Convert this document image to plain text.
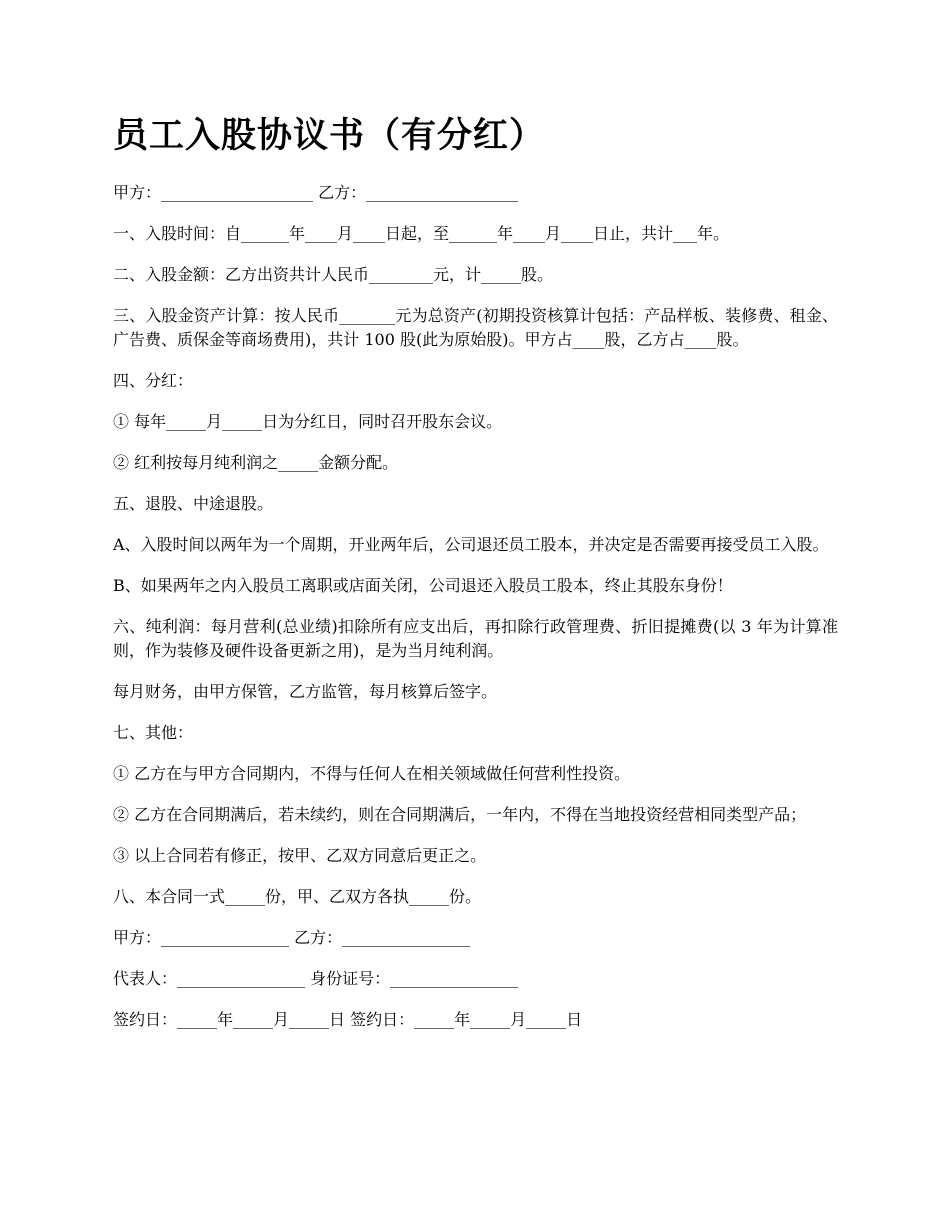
员工入股协议书（有分红）

甲方：___________________ 乙方：___________________

一、入股时间：自______年____月____日起，至______年____月____日止，共计___年。

二、入股金额：乙方出资共计人民币________元，计_____股。

三、入股金资产计算：按人民币_______元为总资产(初期投资核算计包括：产品样板、装修费、租金、广告费、质保金等商场费用)，共计 100 股(此为原始股)。甲方占____股，乙方占____股。

四、分红：

① 每年_____月_____日为分红日，同时召开股东会议。

② 红利按每月纯利润之_____金额分配。

五、退股、中途退股。

A、入股时间以两年为一个周期，开业两年后，公司退还员工股本，并决定是否需要再接受员工入股。

B、如果两年之内入股员工离职或店面关闭，公司退还入股员工股本，终止其股东身份！

六、纯利润：每月营利(总业绩)扣除所有应支出后，再扣除行政管理费、折旧提摊费(以 3 年为计算准则，作为装修及硬件设备更新之用)，是为当月纯利润。

每月财务，由甲方保管，乙方监管，每月核算后签字。

七、其他：

① 乙方在与甲方合同期内，不得与任何人在相关领域做任何营利性投资。

② 乙方在合同期满后，若未续约，则在合同期满后，一年内，不得在当地投资经营相同类型产品；

③ 以上合同若有修正，按甲、乙双方同意后更正之。

八、本合同一式_____份，甲、乙双方各执_____份。

甲方：________________ 乙方：________________

代表人：________________ 身份证号：________________

签约日：_____年_____月_____日 签约日：_____年_____月_____日
